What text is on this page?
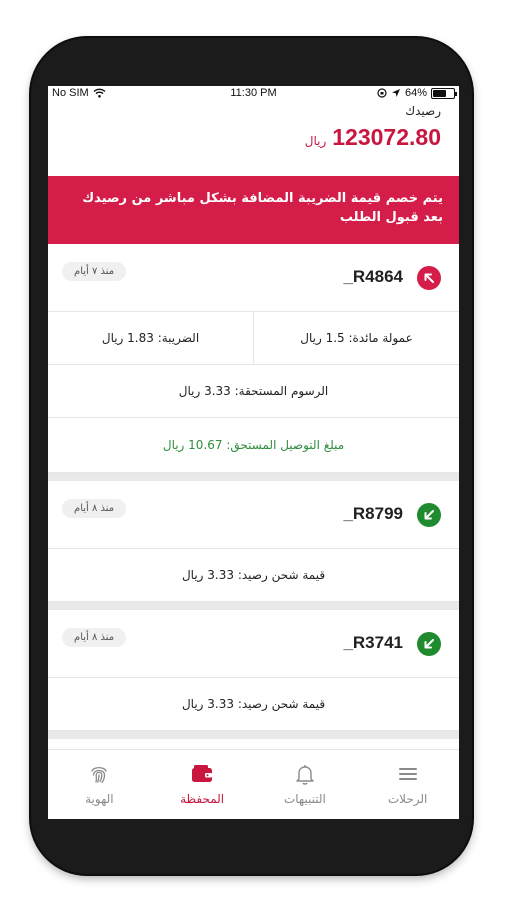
No SIM	11:30 PM	64%
رصيدك
ريال 123072.80
يتم خصم قيمة الضريبة المضافة بشكل مباشر من رصيدك بعد قبول الطلب
_R4864
منذ ٧ أيام
عمولة مائدة: 1.5 ريال
الضريبة: 1.83 ريال
الرسوم المستحقة: 3.33 ريال
مبلغ التوصيل المستحق: 10.67 ريال
_R8799
منذ ٨ أيام
قيمة شحن رصيد: 3.33 ريال
_R3741
منذ ٨ أيام
قيمة شحن رصيد: 3.33 ريال
الهوية	المحفظة	التنبيهات	الرحلات
